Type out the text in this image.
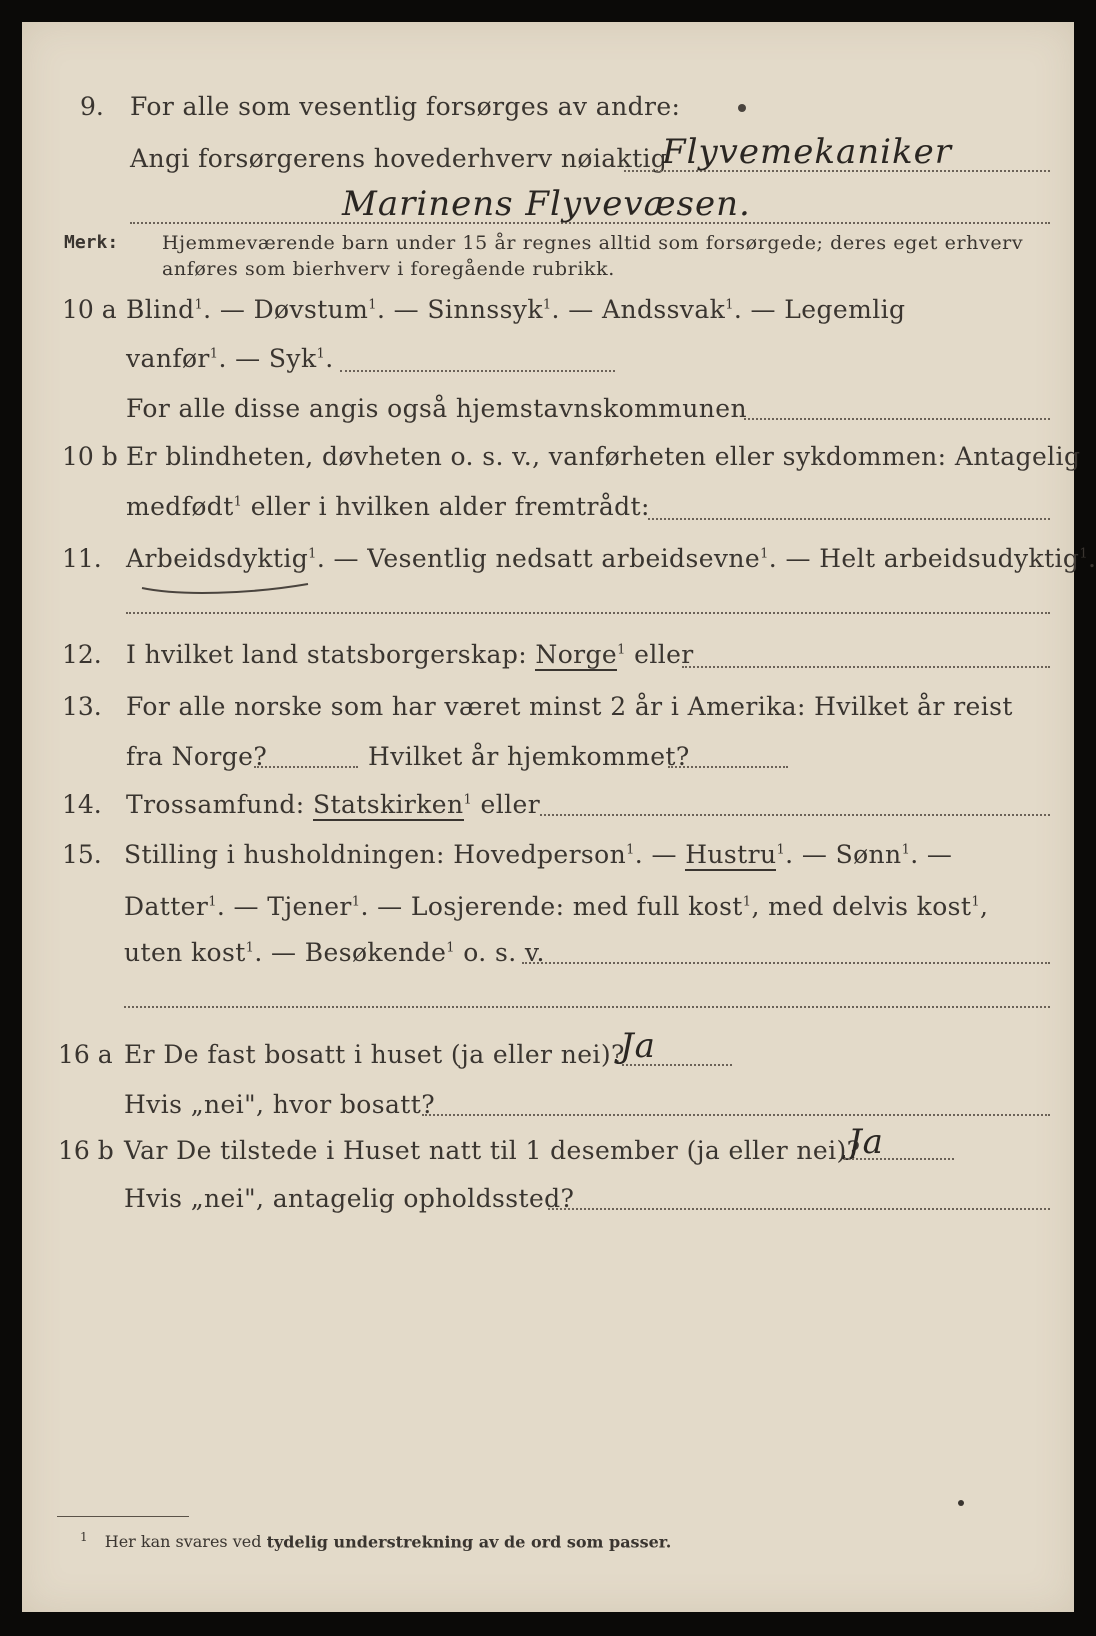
9. For alle som vesentlig forsørges av andre:
Angi forsørgerens hovederhverv nøiaktig
Flyvemekaniker
Marinens Flyvevæsen.
Merk: Hjemmeværende barn under 15 år regnes alltid som forsørgede; deres eget erhverv
anføres som bierhverv i foregående rubrikk.
10 a Blind$^1$. — Døvstum$^1$. — Sinnssyk$^1$. — Andssvak$^1$. — Legemlig
vanfør$^1$. — Syk$^1$.
For alle disse angis også hjemstavnskommunen
10 b Er blindheten, døvheten o. s. v., vanførheten eller sykdommen: Antagelig
medfødt$^1$ eller i hvilken alder fremtrådt:
11. Arbeidsdyktig$^1$. — Vesentlig nedsatt arbeidsevne$^1$. — Helt arbeidsudyktig$^1$.
12. I hvilket land statsborgerskap: Norge$^1$ eller
13. For alle norske som har været minst 2 år i Amerika: Hvilket år reist
fra Norge?	Hvilket år hjemkommet?
14. Trossamfund: Statskirken$^1$ eller
15. Stilling i husholdningen: Hovedperson$^1$. — Hustru$^1$. — Sønn$^1$. —
Datter$^1$. — Tjener$^1$. — Losjerende: med full kost$^1$, med delvis kost$^1$,
uten kost$^1$. — Besøkende$^1$ o. s. v.
16 a Er De fast bosatt i huset (ja eller nei)?
Ja
Hvis „nei", hvor bosatt?
16 b Var De tilstede i Huset natt til 1 desember (ja eller nei)?
Ja
Hvis „nei", antagelig opholdssted?
$^1$ Her kan svares ved tydelig understrekning av de ord som passer.
